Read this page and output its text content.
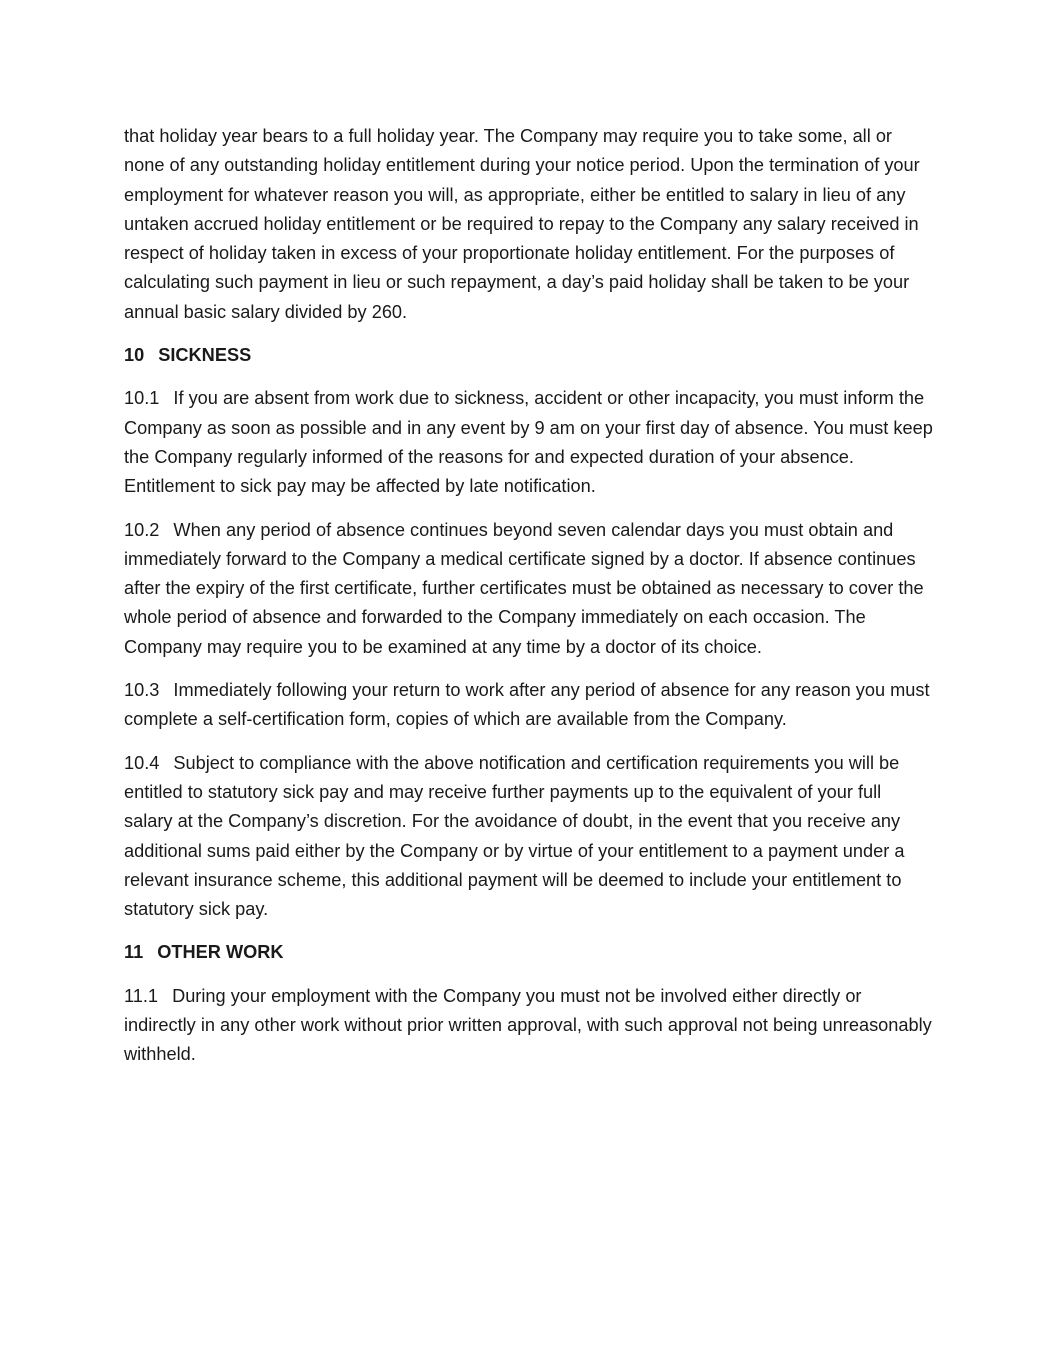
that holiday year bears to a full holiday year. The Company may require you to take some, all or none of any outstanding holiday entitlement during your notice period. Upon the termination of your employment for whatever reason you will, as appropriate, either be entitled to salary in lieu of any untaken accrued holiday entitlement or be required to repay to the Company any salary received in respect of holiday taken in excess of your proportionate holiday entitlement. For the purposes of calculating such payment in lieu or such repayment, a day’s paid holiday shall be taken to be your annual basic salary divided by 260.

10 SICKNESS

10.1 If you are absent from work due to sickness, accident or other incapacity, you must inform the Company as soon as possible and in any event by 9 am on your first day of absence. You must keep the Company regularly informed of the reasons for and expected duration of your absence. Entitlement to sick pay may be affected by late notification.

10.2 When any period of absence continues beyond seven calendar days you must obtain and immediately forward to the Company a medical certificate signed by a doctor. If absence continues after the expiry of the first certificate, further certificates must be obtained as necessary to cover the whole period of absence and forwarded to the Company immediately on each occasion. The Company may require you to be examined at any time by a doctor of its choice.

10.3 Immediately following your return to work after any period of absence for any reason you must complete a self-certification form, copies of which are available from the Company.

10.4 Subject to compliance with the above notification and certification requirements you will be entitled to statutory sick pay and may receive further payments up to the equivalent of your full salary at the Company’s discretion. For the avoidance of doubt, in the event that you receive any additional sums paid either by the Company or by virtue of your entitlement to a payment under a relevant insurance scheme, this additional payment will be deemed to include your entitlement to statutory sick pay.

11 OTHER WORK

11.1 During your employment with the Company you must not be involved either directly or indirectly in any other work without prior written approval, with such approval not being unreasonably withheld.
